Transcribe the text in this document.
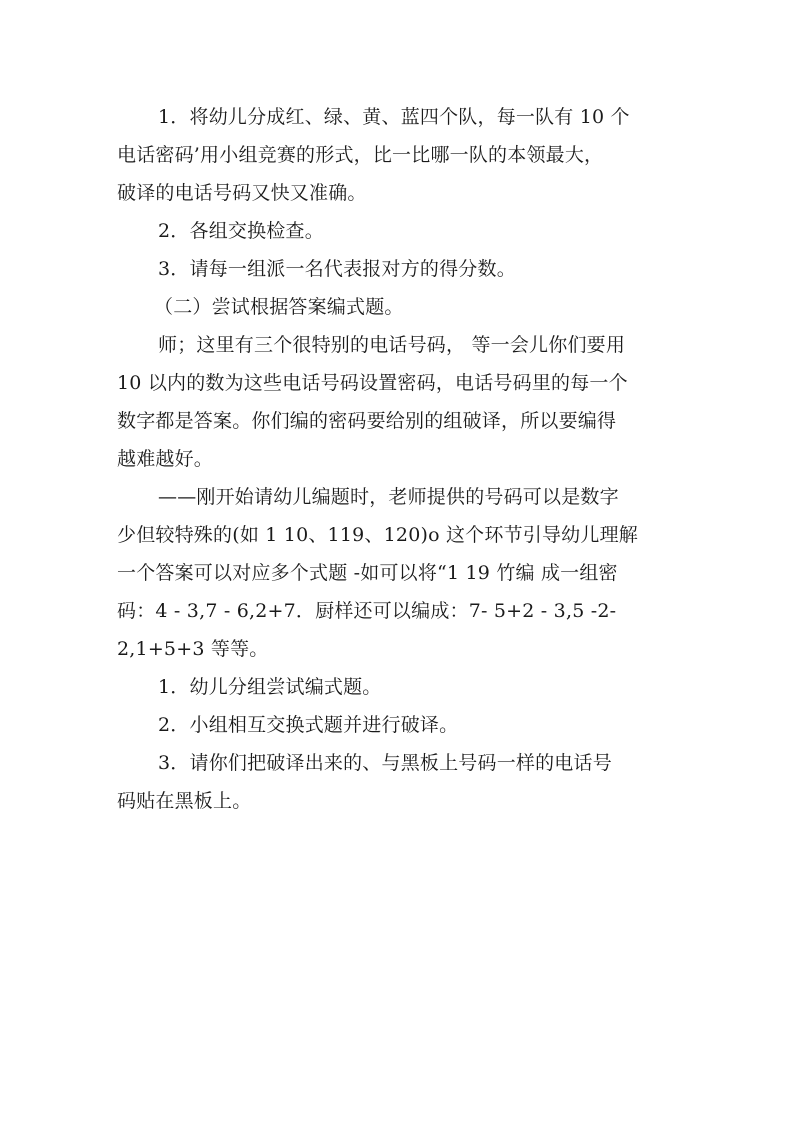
1．将幼儿分成红、绿、黄、蓝四个队，每一队有 10 个
电话密码’用小组竞赛的形式，比一比哪一队的本领最大，
破译的电话号码又快又准确。
2．各组交换检查。
3．请每一组派一名代表报对方的得分数。
（二）尝试根据答案编式题。
师；这里有三个很特别的电话号码， 等一会儿你们要用
10 以内的数为这些电话号码设置密码，电话号码里的每一个
数字都是答案。你们编的密码要给别的组破译，所以要编得
越难越好。
——刚开始请幼儿编题时，老师提供的号码可以是数字
少但较特殊的(如 1 10、119、120)o 这个环节引导幼儿理解
一个答案可以对应多个式题 -如可以将“1 19 竹编 成一组密
码：4 - 3,7 - 6,2+7．厨样还可以编成：7- 5+2 - 3,5 -2-
2,1+5+3 等等。
1．幼儿分组尝试编式题。
2．小组相互交换式题并进行破译。
3．请你们把破译出来的、与黑板上号码一样的电话号
码贴在黑板上。
